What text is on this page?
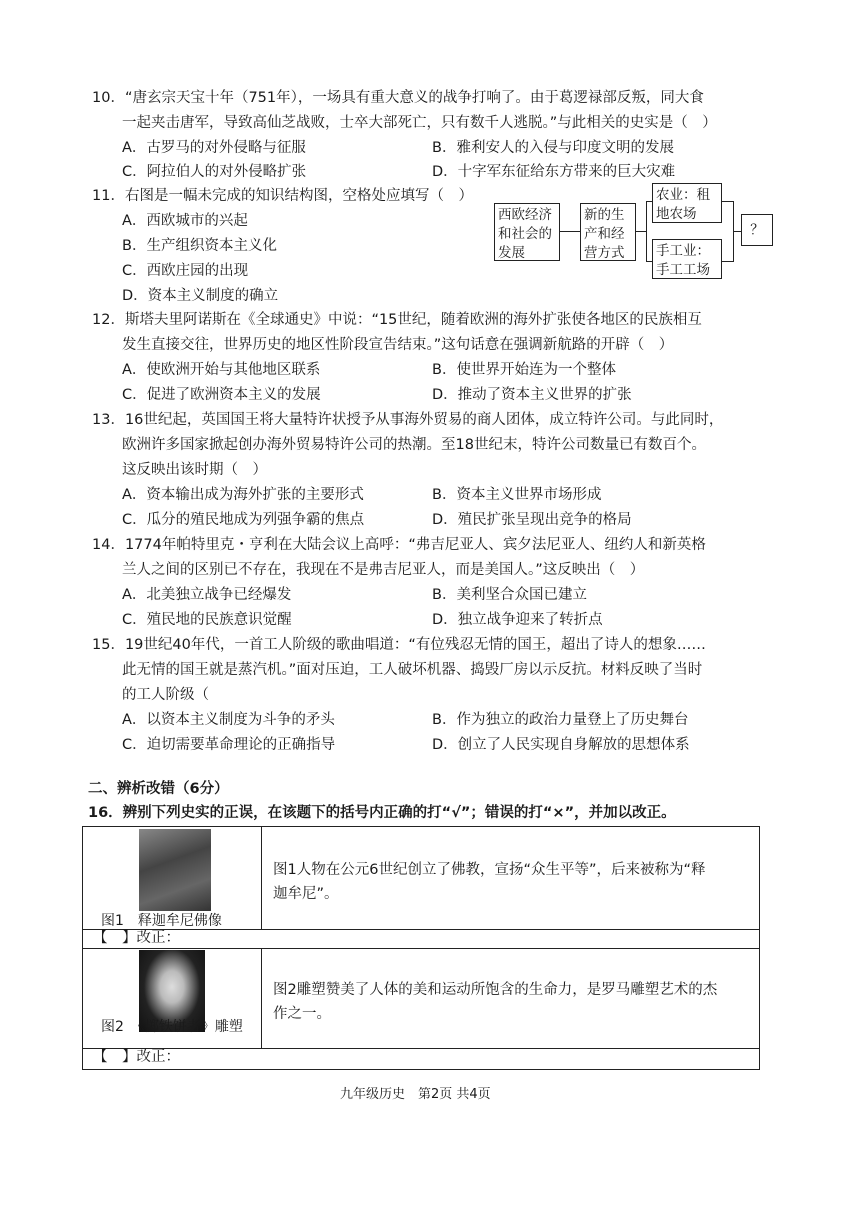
10．“唐玄宗天宝十年（751年），一场具有重大意义的战争打响了。由于葛逻禄部反叛，同大食
一起夹击唐军，导致高仙芝战败，士卒大部死亡，只有数千人逃脱。”与此相关的史实是（　）
A．古罗马的对外侵略与征服	B．雅利安人的入侵与印度文明的发展
C．阿拉伯人的对外侵略扩张	D．十字军东征给东方带来的巨大灾难
11．右图是一幅未完成的知识结构图，空格处应填写（　）
A．西欧城市的兴起
B．生产组织资本主义化
C．西欧庄园的出现
D．资本主义制度的确立
西欧经济和社会的发展
新的生产和经营方式
农业：租地农场
手工业：手工工场
？
12．斯塔夫里阿诺斯在《全球通史》中说：“15世纪，随着欧洲的海外扩张使各地区的民族相互
发生直接交往，世界历史的地区性阶段宣告结束。”这句话意在强调新航路的开辟（　）
A．使欧洲开始与其他地区联系	B．使世界开始连为一个整体
C．促进了欧洲资本主义的发展	D．推动了资本主义世界的扩张
13．16世纪起，英国国王将大量特许状授予从事海外贸易的商人团体，成立特许公司。与此同时，
欧洲许多国家掀起创办海外贸易特许公司的热潮。至18世纪末，特许公司数量已有数百个。
这反映出该时期（　）
A．资本输出成为海外扩张的主要形式	B．资本主义世界市场形成
C．瓜分的殖民地成为列强争霸的焦点	D．殖民扩张呈现出竞争的格局
14．1774年帕特里克・亨利在大陆会议上高呼：“弗吉尼亚人、宾夕法尼亚人、纽约人和新英格
兰人之间的区别已不存在，我现在不是弗吉尼亚人，而是美国人。”这反映出（　）
A．北美独立战争已经爆发	B．美利坚合众国已建立
C．殖民地的民族意识觉醒	D．独立战争迎来了转折点
15．19世纪40年代，一首工人阶级的歌曲唱道：“有位残忍无情的国王，超出了诗人的想象……
此无情的国王就是蒸汽机。”面对压迫，工人破坏机器、捣毁厂房以示反抗。材料反映了当时
的工人阶级（
A．以资本主义制度为斗争的矛头	B．作为独立的政治力量登上了历史舞台
C．迫切需要革命理论的正确指导	D．创立了人民实现自身解放的思想体系
二、辨析改错（6分）
16．辨别下列史实的正误，在该题下的括号内正确的打“√”；错误的打“×”，并加以改正。
图1　释迦牟尼佛像
图1人物在公元6世纪创立了佛教，宣扬“众生平等”，后来被称为“释
迦牟尼”。
【　】改正：
图2　《掷铁饼者》雕塑
图2雕塑赞美了人体的美和运动所饱含的生命力，是罗马雕塑艺术的杰
作之一。
【　】改正：
九年级历史　第2页 共4页
